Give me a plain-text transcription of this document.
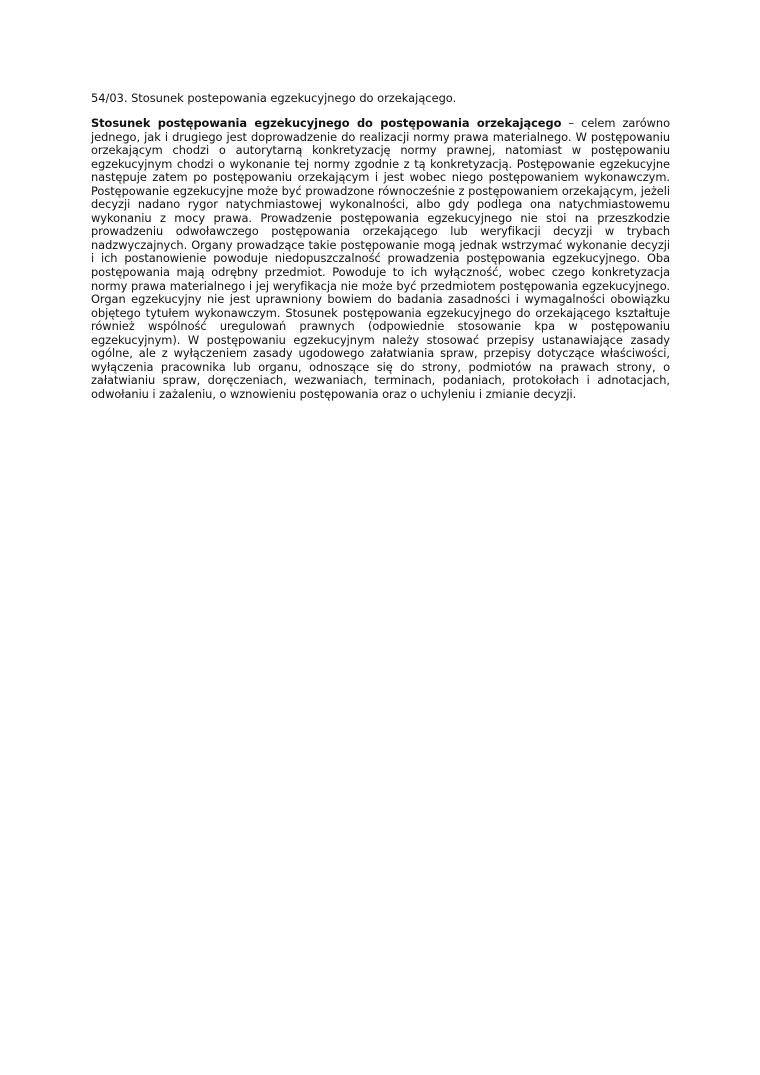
54/03. Stosunek postepowania egzekucyjnego do orzekającego.

Stosunek postępowania egzekucyjnego do postępowania orzekającego – celem zarówno jednego, jak i drugiego jest doprowadzenie do realizacji normy prawa materialnego. W postępowaniu orzekającym chodzi o autorytarną konkretyzację normy prawnej, natomiast w postępowaniu egzekucyjnym chodzi o wykonanie tej normy zgodnie z tą konkretyzacją. Postępowanie egzekucyjne następuje zatem po postępowaniu orzekającym i jest wobec niego postępowaniem wykonawczym. Postępowanie egzekucyjne może być prowadzone równocześnie z postępowaniem orzekającym, jeżeli decyzji nadano rygor natychmiastowej wykonalności, albo gdy podlega ona natychmiastowemu wykonaniu z mocy prawa. Prowadzenie postępowania egzekucyjnego nie stoi na przeszkodzie prowadzeniu odwoławczego postępowania orzekającego lub weryfikacji decyzji w trybach nadzwyczajnych. Organy prowadzące takie postępowanie mogą jednak wstrzymać wykonanie decyzji i ich postanowienie powoduje niedopuszczalność prowadzenia postępowania egzekucyjnego. Oba postępowania mają odrębny przedmiot. Powoduje to ich wyłączność, wobec czego konkretyzacja normy prawa materialnego i jej weryfikacja nie może być przedmiotem postępowania egzekucyjnego. Organ egzekucyjny nie jest uprawniony bowiem do badania zasadności i wymagalności obowiązku objętego tytułem wykonawczym. Stosunek postępowania egzekucyjnego do orzekającego kształtuje również wspólność uregulowań prawnych (odpowiednie stosowanie kpa w postępowaniu egzekucyjnym). W postępowaniu egzekucyjnym należy stosować przepisy ustanawiające zasady ogólne, ale z wyłączeniem zasady ugodowego załatwiania spraw, przepisy dotyczące właściwości, wyłączenia pracownika lub organu, odnoszące się do strony, podmiotów na prawach strony, o załatwianiu spraw, doręczeniach, wezwaniach, terminach, podaniach, protokołach i adnotacjach, odwołaniu i zażaleniu, o wznowieniu postępowania oraz o uchyleniu i zmianie decyzji.
